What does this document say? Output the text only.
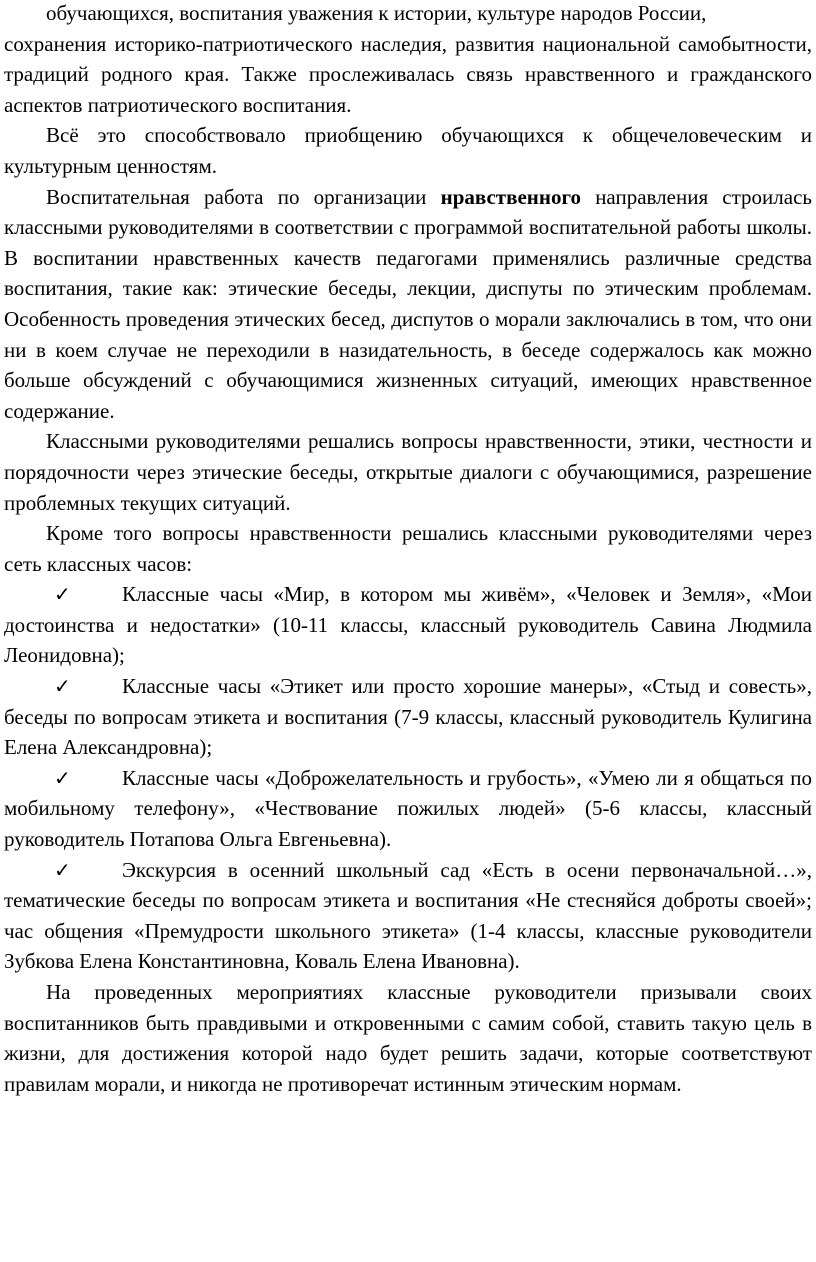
обучающихся, воспитания уважения к истории, культуре народов России,
сохранения историко-патриотического наследия, развития национальной самобытности, традиций родного края. Также прослеживалась связь нравственного и гражданского аспектов патриотического воспитания.

Всё это способствовало приобщению обучающихся к общечеловеческим и культурным ценностям.

Воспитательная работа по организации нравственного направления строилась классными руководителями в соответствии с программой воспитательной работы школы. В воспитании нравственных качеств педагогами применялись различные средства воспитания, такие как: этические беседы, лекции, диспуты по этическим проблемам. Особенность проведения этических бесед, диспутов о морали заключались в том, что они ни в коем случае не переходили в назидательность, в беседе содержалось как можно больше обсуждений с обучающимися жизненных ситуаций, имеющих нравственное содержание.

Классными руководителями решались вопросы нравственности, этики, честности и порядочности через этические беседы, открытые диалоги с обучающимися, разрешение проблемных текущих ситуаций.

Кроме того вопросы нравственности решались классными руководителями через сеть классных часов:

✓ Классные часы «Мир, в котором мы живём», «Человек и Земля», «Мои достоинства и недостатки» (10-11 классы, классный руководитель Савина Людмила Леонидовна);

✓ Классные часы «Этикет или просто хорошие манеры», «Стыд и совесть», беседы по вопросам этикета и воспитания (7-9 классы, классный руководитель Кулигина Елена Александровна);

✓ Классные часы «Доброжелательность и грубость», «Умею ли я общаться по мобильному телефону», «Чествование пожилых людей» (5-6 классы, классный руководитель Потапова Ольга Евгеньевна).

✓ Экскурсия в осенний школьный сад «Есть в осени первоначальной…», тематические беседы по вопросам этикета и воспитания «Не стесняйся доброты своей»; час общения «Премудрости школьного этикета» (1-4 классы, классные руководители Зубкова Елена Константиновна, Коваль Елена Ивановна).

На проведенных мероприятиях классные руководители призывали своих воспитанников быть правдивыми и откровенными с самим собой, ставить такую цель в жизни, для достижения которой надо будет решить задачи, которые соответствуют правилам морали, и никогда не противоречат истинным этическим нормам.
